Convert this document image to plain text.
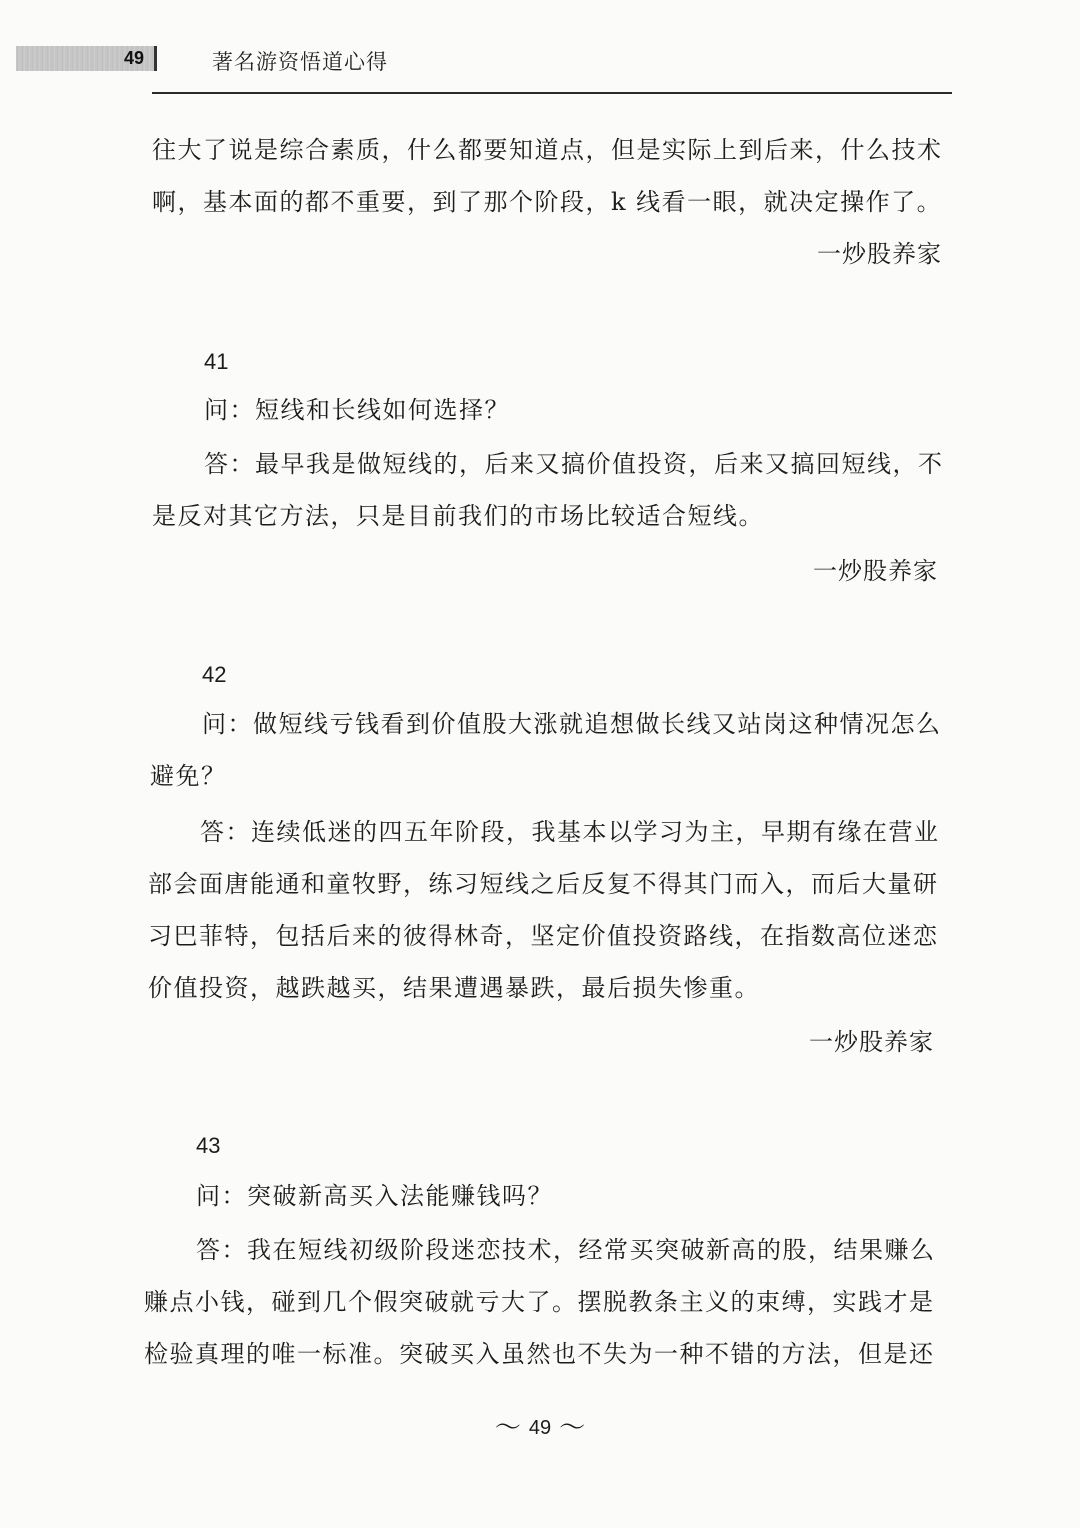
49	著名游资悟道心得
往大了说是综合素质，什么都要知道点，但是实际上到后来，什么技术
啊，基本面的都不重要，到了那个阶段，k 线看一眼，就决定操作了。
一炒股养家
41
问：短线和长线如何选择？
答：最早我是做短线的，后来又搞价值投资，后来又搞回短线，不
是反对其它方法，只是目前我们的市场比较适合短线。
一炒股养家
42
问：做短线亏钱看到价值股大涨就追想做长线又站岗这种情况怎么
避免？
答：连续低迷的四五年阶段，我基本以学习为主，早期有缘在营业
部会面唐能通和童牧野，练习短线之后反复不得其门而入，而后大量研
习巴菲特，包括后来的彼得林奇，坚定价值投资路线，在指数高位迷恋
价值投资，越跌越买，结果遭遇暴跌，最后损失惨重。
一炒股养家
43
问：突破新高买入法能赚钱吗？
答：我在短线初级阶段迷恋技术，经常买突破新高的股，结果赚么
赚点小钱，碰到几个假突破就亏大了。摆脱教条主义的束缚，实践才是
检验真理的唯一标准。突破买入虽然也不失为一种不错的方法，但是还
～ 49 ～
